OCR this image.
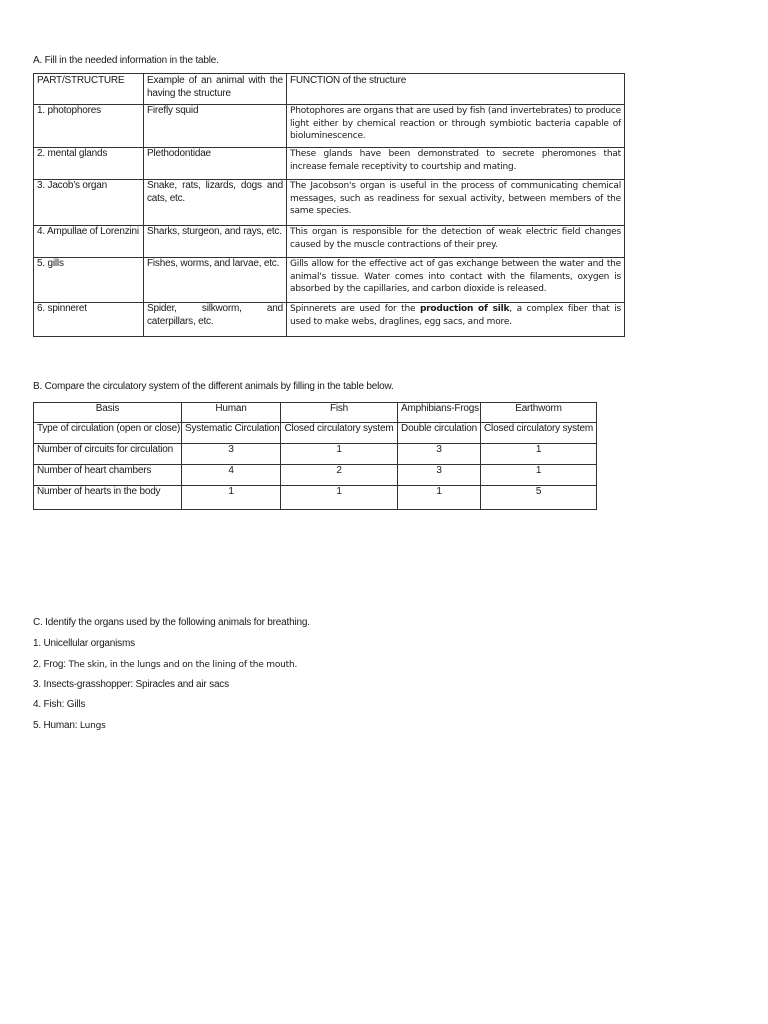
A. Fill in the needed information in the table.
PART/STRUCTURE	Example of an animal with the having the structure	FUNCTION of the structure
1. photophores	Firefly squid	Photophores are organs that are used by fish (and invertebrates) to produce light either by chemical reaction or through symbiotic bacteria capable of bioluminescence.
2. mental glands	Plethodontidae	These glands have been demonstrated to secrete pheromones that increase female receptivity to courtship and mating.
3. Jacob’s organ	Snake, rats, lizards, dogs and cats, etc.	The Jacobson's organ is useful in the process of communicating chemical messages, such as readiness for sexual activity, between members of the same species.
4. Ampullae of Lorenzini	Sharks, sturgeon, and rays, etc.	This organ is responsible for the detection of weak electric field changes caused by the muscle contractions of their prey.
5. gills	Fishes, worms, and larvae, etc.	Gills allow for the effective act of gas exchange between the water and the animal's tissue. Water comes into contact with the filaments, oxygen is absorbed by the capillaries, and carbon dioxide is released.
6. spinneret	Spider, silkworm, and caterpillars, etc.	Spinnerets are used for the production of silk, a complex fiber that is used to make webs, draglines, egg sacs, and more.
B. Compare the circulatory system of the different animals by filling in the table below.
Basis	Human	Fish	Amphibians-Frogs	Earthworm
Type of circulation (open or close)	Systematic Circulation	Closed circulatory system	Double circulation	Closed circulatory system
Number of circuits for circulation	3	1	3	1
Number of heart chambers	4	2	3	1
Number of hearts in the body	1	1	1	5
C. Identify the organs used by the following animals for breathing.
1. Unicellular organisms
2. Frog: The skin, in the lungs and on the lining of the mouth.
3. Insects-grasshopper: Spiracles and air sacs
4. Fish: Gills
5. Human: Lungs
